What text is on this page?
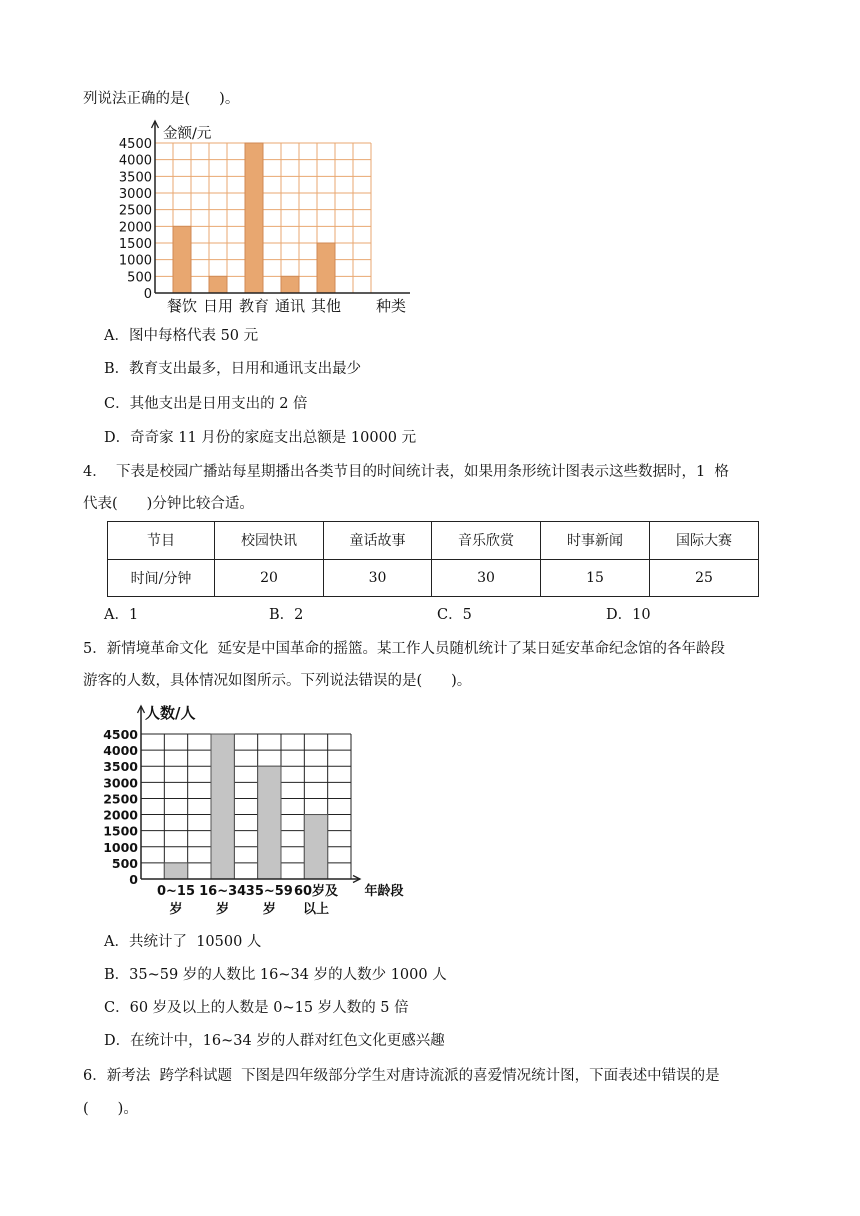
列说法正确的是(　　)。
0
500
1000
1500
2000
2500
3000
3500
4000
4500
金额/元
餐饮 日用 教育 通讯 其他 种类
A．图中每格代表 50 元
B．教育支出最多，日用和通讯支出最少
C．其他支出是日用支出的 2 倍
D．奇奇家 11 月份的家庭支出总额是 10000 元
4．  下表是校园广播站每星期播出各类节目的时间统计表，如果用条形统计图表示这些数据时，1  格
代表(　　)分钟比较合适。
节目	校园快讯	童话故事	音乐欣赏	时事新闻	国际大赛
时间/分钟	20	30	30	15	25
A．1	B．2	C．5	D．10
5．新情境革命文化  延安是中国革命的摇篮。某工作人员随机统计了某日延安革命纪念馆的各年龄段
游客的人数，具体情况如图所示。下列说法错误的是(　　)。
0
500
1000
1500
2000
2500
3000
3500
4000
4500
人数/人
0~15
岁
16~34
岁
35~59
岁
60岁及
以上
年龄段
A．共统计了  10500 人
B．35~59 岁的人数比 16~34 岁的人数少 1000 人
C．60 岁及以上的人数是 0~15 岁人数的 5 倍
D．在统计中，16~34 岁的人群对红色文化更感兴趣
6．新考法  跨学科试题  下图是四年级部分学生对唐诗流派的喜爱情况统计图，下面表述中错误的是
(　　)。
